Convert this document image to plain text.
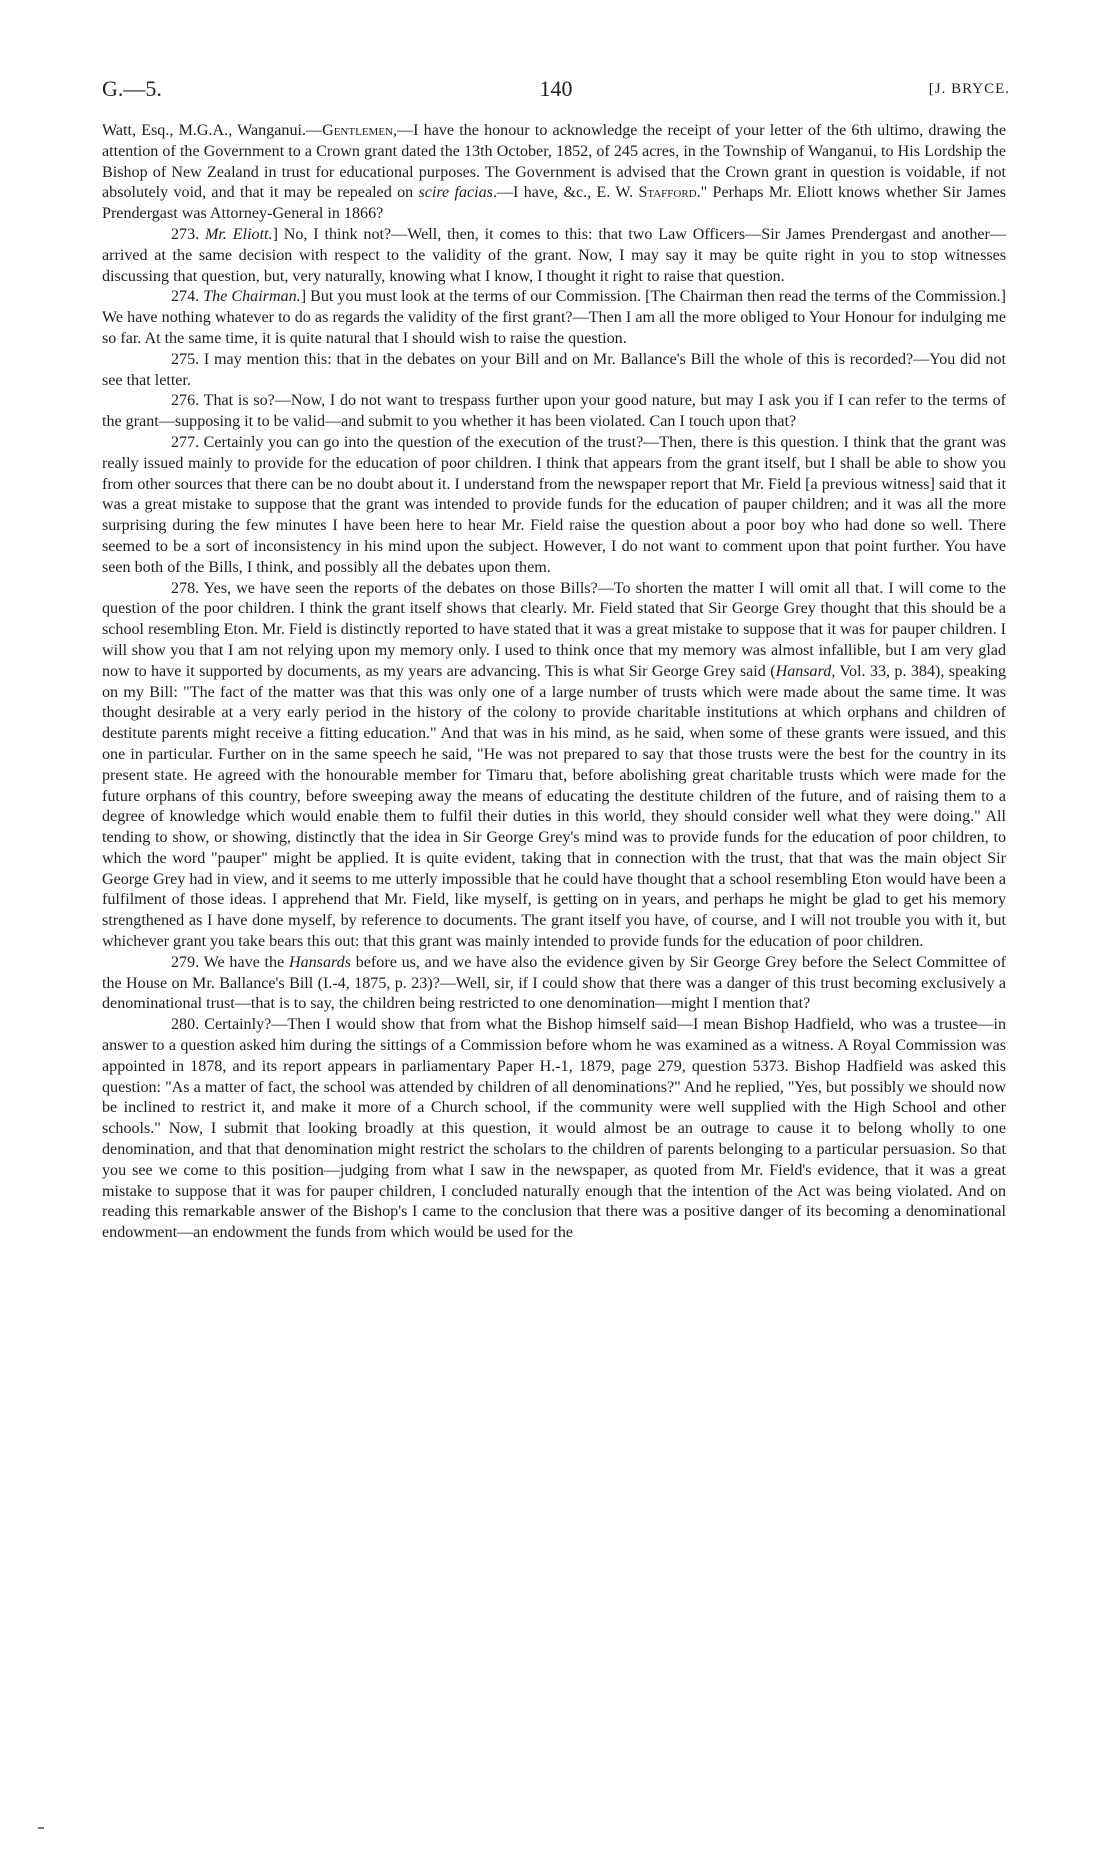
G.—5.	140	[J. BRYCE.

Watt, Esq., M.G.A., Wanganui.—Gentlemen,—I have the honour to acknowledge the receipt of your letter of the 6th ultimo, drawing the attention of the Government to a Crown grant dated the 13th October, 1852, of 245 acres, in the Township of Wanganui, to His Lordship the Bishop of New Zealand in trust for educational purposes. The Government is advised that the Crown grant in question is voidable, if not absolutely void, and that it may be repealed on scire facias.—I have, &c., E. W. Stafford." Perhaps Mr. Eliott knows whether Sir James Prendergast was Attorney-General in 1866?

273. Mr. Eliott.] No, I think not?—Well, then, it comes to this: that two Law Officers—Sir James Prendergast and another—arrived at the same decision with respect to the validity of the grant. Now, I may say it may be quite right in you to stop witnesses discussing that question, but, very naturally, knowing what I know, I thought it right to raise that question.

274. The Chairman.] But you must look at the terms of our Commission. [The Chairman then read the terms of the Commission.] We have nothing whatever to do as regards the validity of the first grant?—Then I am all the more obliged to Your Honour for indulging me so far. At the same time, it is quite natural that I should wish to raise the question.

275. I may mention this: that in the debates on your Bill and on Mr. Ballance's Bill the whole of this is recorded?—You did not see that letter.

276. That is so?—Now, I do not want to trespass further upon your good nature, but may I ask you if I can refer to the terms of the grant—supposing it to be valid—and submit to you whether it has been violated. Can I touch upon that?

277. Certainly you can go into the question of the execution of the trust?—Then, there is this question. I think that the grant was really issued mainly to provide for the education of poor children. I think that appears from the grant itself, but I shall be able to show you from other sources that there can be no doubt about it. I understand from the newspaper report that Mr. Field [a previous witness] said that it was a great mistake to suppose that the grant was intended to provide funds for the education of pauper children; and it was all the more surprising during the few minutes I have been here to hear Mr. Field raise the question about a poor boy who had done so well. There seemed to be a sort of inconsistency in his mind upon the subject. However, I do not want to comment upon that point further. You have seen both of the Bills, I think, and possibly all the debates upon them.

278. Yes, we have seen the reports of the debates on those Bills?—To shorten the matter I will omit all that. I will come to the question of the poor children. I think the grant itself shows that clearly. Mr. Field stated that Sir George Grey thought that this should be a school resembling Eton. Mr. Field is distinctly reported to have stated that it was a great mistake to suppose that it was for pauper children. I will show you that I am not relying upon my memory only. I used to think once that my memory was almost infallible, but I am very glad now to have it supported by documents, as my years are advancing. This is what Sir George Grey said (Hansard, Vol. 33, p. 384), speaking on my Bill: "The fact of the matter was that this was only one of a large number of trusts which were made about the same time. It was thought desirable at a very early period in the history of the colony to provide charitable institutions at which orphans and children of destitute parents might receive a fitting education." And that was in his mind, as he said, when some of these grants were issued, and this one in particular. Further on in the same speech he said, "He was not prepared to say that those trusts were the best for the country in its present state. He agreed with the honourable member for Timaru that, before abolishing great charitable trusts which were made for the future orphans of this country, before sweeping away the means of educating the destitute children of the future, and of raising them to a degree of knowledge which would enable them to fulfil their duties in this world, they should consider well what they were doing." All tending to show, or showing, distinctly that the idea in Sir George Grey's mind was to provide funds for the education of poor children, to which the word "pauper" might be applied. It is quite evident, taking that in connection with the trust, that that was the main object Sir George Grey had in view, and it seems to me utterly impossible that he could have thought that a school resembling Eton would have been a fulfilment of those ideas. I apprehend that Mr. Field, like myself, is getting on in years, and perhaps he might be glad to get his memory strengthened as I have done myself, by reference to documents. The grant itself you have, of course, and I will not trouble you with it, but whichever grant you take bears this out: that this grant was mainly intended to provide funds for the education of poor children.

279. We have the Hansards before us, and we have also the evidence given by Sir George Grey before the Select Committee of the House on Mr. Ballance's Bill (I.-4, 1875, p. 23)?—Well, sir, if I could show that there was a danger of this trust becoming exclusively a denominational trust—that is to say, the children being restricted to one denomination—might I mention that?

280. Certainly?—Then I would show that from what the Bishop himself said—I mean Bishop Hadfield, who was a trustee—in answer to a question asked him during the sittings of a Commission before whom he was examined as a witness. A Royal Commission was appointed in 1878, and its report appears in parliamentary Paper H.-1, 1879, page 279, question 5373. Bishop Hadfield was asked this question: "As a matter of fact, the school was attended by children of all denominations?" And he replied, "Yes, but possibly we should now be inclined to restrict it, and make it more of a Church school, if the community were well supplied with the High School and other schools." Now, I submit that looking broadly at this question, it would almost be an outrage to cause it to belong wholly to one denomination, and that that denomination might restrict the scholars to the children of parents belonging to a particular persuasion. So that you see we come to this position—judging from what I saw in the newspaper, as quoted from Mr. Field's evidence, that it was a great mistake to suppose that it was for pauper children, I concluded naturally enough that the intention of the Act was being violated. And on reading this remarkable answer of the Bishop's I came to the conclusion that there was a positive danger of its becoming a denominational endowment—an endowment the funds from which would be used for the
